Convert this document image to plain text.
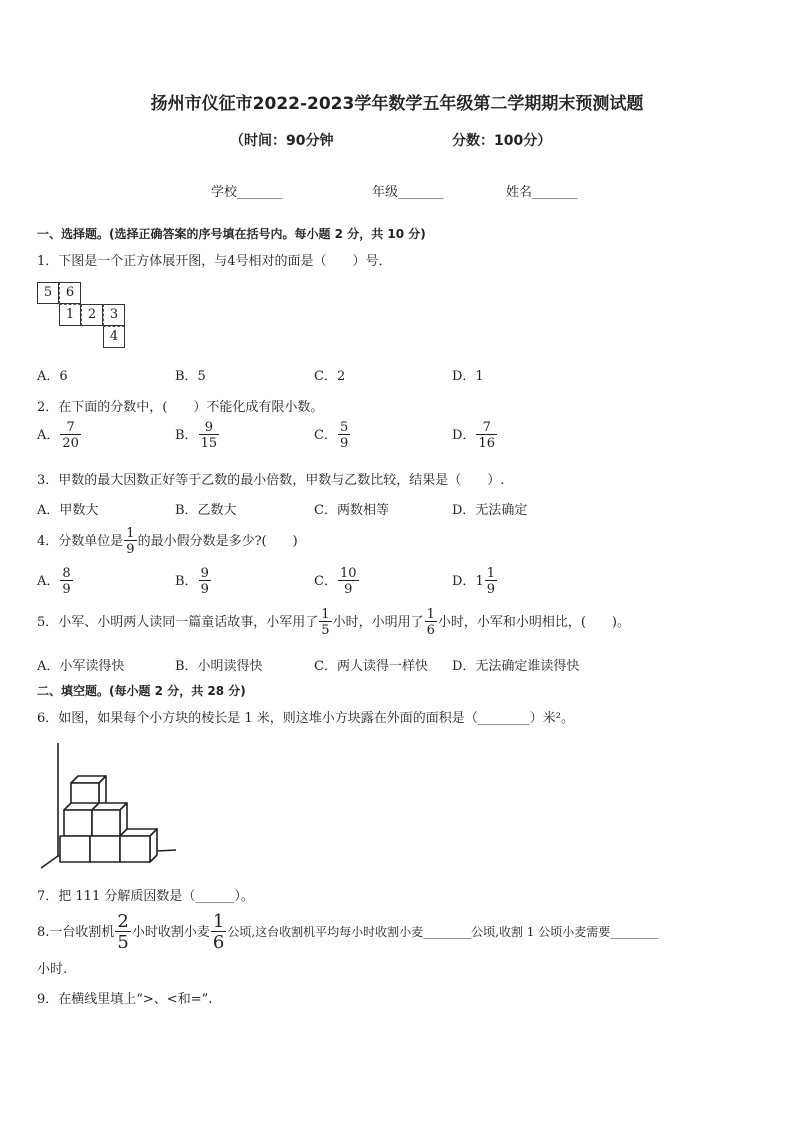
扬州市仪征市2022-2023学年数学五年级第二学期期末预测试题
（时间：90分钟	分数：100分）
学校_______	年级_______	姓名_______
一、选择题。(选择正确答案的序号填在括号内。每小题 2 分，共 10 分)
1．下图是一个正方体展开图，与4号相对的面是（　　）号．
5	6
1	2	3
4
A．6	B．5	C．2	D．1
2．在下面的分数中，(　　）不能化成有限小数。
A． $\frac{7}{20}$	B． $\frac{9}{15}$	C． $\frac{5}{9}$	D． $\frac{7}{16}$
3．甲数的最大因数正好等于乙数的最小倍数，甲数与乙数比较，结果是（　　）.
A．甲数大	B．乙数大	C．两数相等	D．无法确定
4．分数单位是 $\frac{1}{9}$ 的最小假分数是多少?(　　)
A． $\frac{8}{9}$	B． $\frac{9}{9}$	C． $\frac{10}{9}$	D．$1 \frac{1}{9}$
5．小军、小明两人读同一篇童话故事，小军用了 $\frac{1}{5}$ 小时，小明用了 $\frac{1}{6}$ 小时，小军和小明相比，(　　)。
A．小军读得快	B．小明读得快	C．两人读得一样快 D．无法确定谁读得快
二、填空题。(每小题 2 分，共 28 分)
6．如图，如果每个小方块的棱长是 1 米，则这堆小方块露在外面的面积是（________）米²。
7．把 111 分解质因数是（______）。
8.一台收割机 $\frac{2}{5}$ 小时收割小麦 $\frac{1}{6}$ 公顷,这台收割机平均每小时收割小麦________公顷,收割 1 公顷小麦需要________
小时.
9．在横线里填上“>、<和=”.
